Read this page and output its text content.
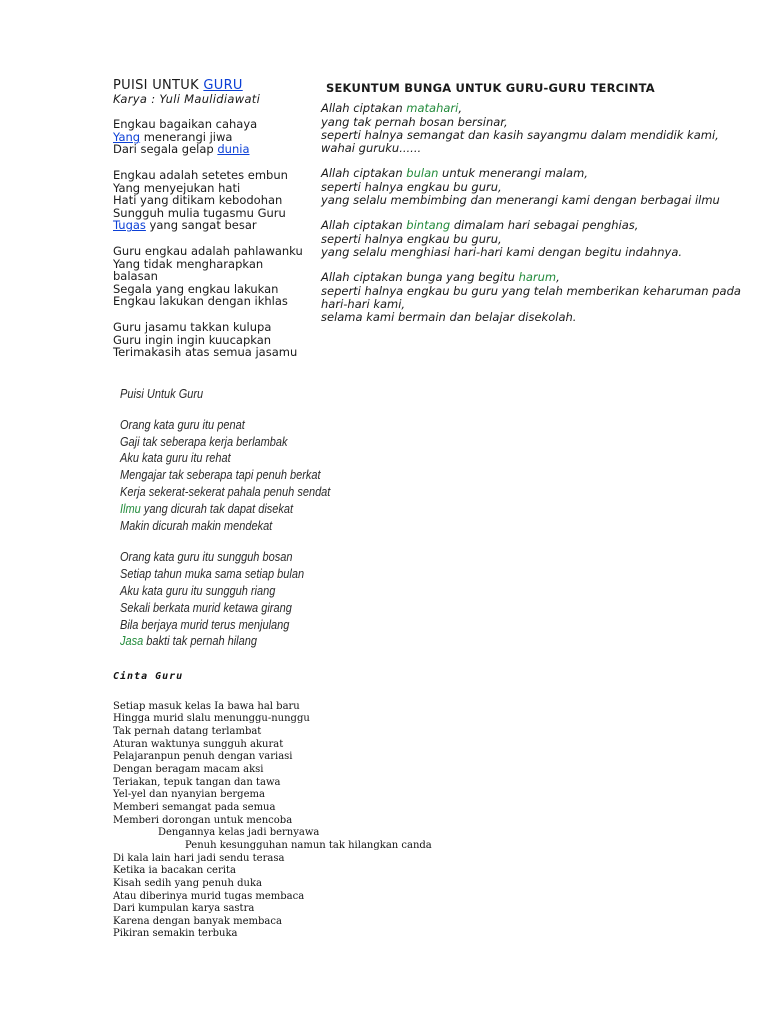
PUISI UNTUK GURU
Karya : Yuli Maulidiawati
Engkau bagaikan cahaya
Yang menerangi jiwa
Dari segala gelap dunia
Engkau adalah setetes embun
Yang menyejukan hati
Hati yang ditikam kebodohan
Sungguh mulia tugasmu Guru
Tugas yang sangat besar
Guru engkau adalah pahlawanku
Yang tidak mengharapkan
balasan
Segala yang engkau lakukan
Engkau lakukan dengan ikhlas
Guru jasamu takkan kulupa
Guru ingin ingin kuucapkan
Terimakasih atas semua jasamu
SEKUNTUM BUNGA UNTUK GURU-GURU TERCINTA
Allah ciptakan matahari,
yang tak pernah bosan bersinar,
seperti halnya semangat dan kasih sayangmu dalam mendidik kami,
wahai guruku......
Allah ciptakan bulan untuk menerangi malam,
seperti halnya engkau bu guru,
yang selalu membimbing dan menerangi kami dengan berbagai ilmu
Allah ciptakan bintang dimalam hari sebagai penghias,
seperti halnya engkau bu guru,
yang selalu menghiasi hari-hari kami dengan begitu indahnya.
Allah ciptakan bunga yang begitu harum,
seperti halnya engkau bu guru yang telah memberikan keharuman pada
hari-hari kami,
selama kami bermain dan belajar disekolah.
Puisi Untuk Guru
Orang kata guru itu penat
Gaji tak seberapa kerja berlambak
Aku kata guru itu rehat
Mengajar tak seberapa tapi penuh berkat
Kerja sekerat-sekerat pahala penuh sendat
Ilmu yang dicurah tak dapat disekat
Makin dicurah makin mendekat
Orang kata guru itu sungguh bosan
Setiap tahun muka sama setiap bulan
Aku kata guru itu sungguh riang
Sekali berkata murid ketawa girang
Bila berjaya murid terus menjulang
Jasa bakti tak pernah hilang
Cinta Guru
Setiap masuk kelas Ia bawa hal baru
Hingga murid slalu menunggu-nunggu
Tak pernah datang terlambat
Aturan waktunya sungguh akurat
Pelajaranpun penuh dengan variasi
Dengan beragam macam aksi
Teriakan, tepuk tangan dan tawa
Yel-yel dan nyanyian bergema
Memberi semangat pada semua
Memberi dorongan untuk mencoba
Dengannya kelas jadi bernyawa
Penuh kesungguhan namun tak hilangkan canda
Di kala lain hari jadi sendu terasa
Ketika ia bacakan cerita
Kisah sedih yang penuh duka
Atau diberinya murid tugas membaca
Dari kumpulan karya sastra
Karena dengan banyak membaca
Pikiran semakin terbuka
